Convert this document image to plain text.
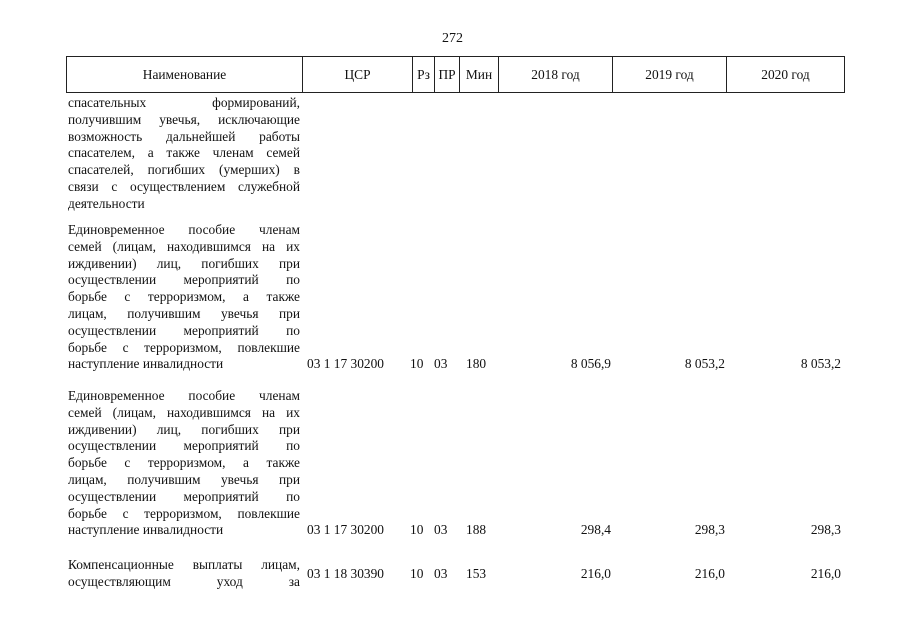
272
Наименование	ЦСР	Рз ПР Мин	2018 год	2019 год	2020 год
спасательных формирований,
получившим увечья, исключающие
возможность дальнейшей работы
спасателем, а также членам семей
спасателей, погибших (умерших) в
связи с осуществлением служебной
деятельности
Единовременное пособие членам
семей (лицам, находившимся на их
иждивении) лиц, погибших при
осуществлении мероприятий по
борьбе с терроризмом, а также
лицам, получившим увечья при
осуществлении мероприятий по
борьбе с терроризмом, повлекшие
наступление инвалидности	03 1 17 30200 10 03 180	8 056,9	8 053,2	8 053,2
Единовременное пособие членам
семей (лицам, находившимся на их
иждивении) лиц, погибших при
осуществлении мероприятий по
борьбе с терроризмом, а также
лицам, получившим увечья при
осуществлении мероприятий по
борьбе с терроризмом, повлекшие
наступление инвалидности	03 1 17 30200 10 03 188	298,4	298,3	298,3
Компенсационные выплаты лицам,
осуществляющим уход за
03 1 18 30390 10 03 153	216,0	216,0	216,0
